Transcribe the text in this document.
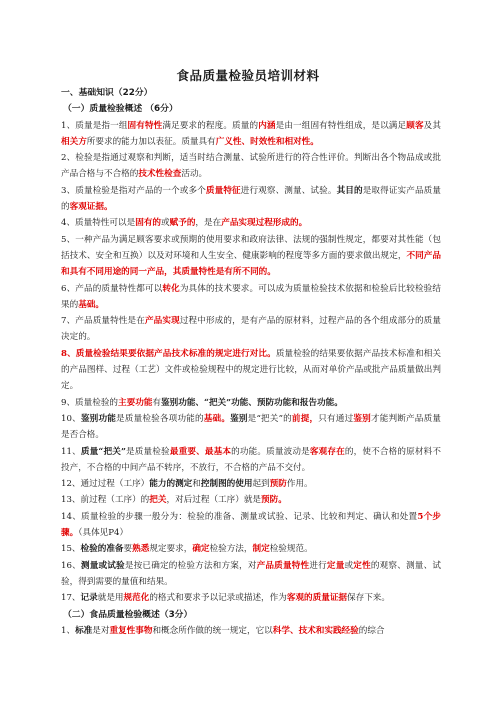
食品质量检验员培训材料
一、基础知识（22分）
（一）质量检验概述 （6分）
1、质量是指一组固有特性满足要求的程度。质量的内涵是由一组固有特性组成，是以满足顾客及其相关方所要求的能力加以表征。质量具有广义性、时效性和相对性。
2、检验是指通过观察和判断，适当时结合测量、试验所进行的符合性评价。判断出各个物品成或批产品合格与不合格的技术性检查活动。
3、质量检验是指对产品的一个或多个质量特征进行观察、测量、试验。其目的是取得证实产品质量的客观证据。
4、质量特性可以是固有的或赋予的，是在产品实现过程形成的。
5、一种产品为满足顾客要求或预期的使用要求和政府法律、法规的强制性规定，都要对其性能（包括技术、安全和互换）以及对环境和人生安全、健康影响的程度等多方面的要求做出规定，不同产品和具有不同用途的同一产品，其质量特性是有所不同的。
6、产品的质量特性都可以转化为具体的技术要求。可以成为质量检验技术依据和检验后比较检验结果的基础。
7、产品质量特性是在产品实现过程中形成的，是有产品的原材料，过程产品的各个组成部分的质量决定的。
8、质量检验结果要依据产品技术标准的规定进行对比。质量检验的结果要依据产品技术标准和相关的产品图样、过程（工艺）文件或检验规程中的规定进行比较，从而对单价产品或批产品质量做出判定。
9、质量检验的主要功能有鉴别功能、“把关”功能、预防功能和报告功能。
10、鉴别功能是质量检验各项功能的基础。鉴别是“把关”的前提，只有通过鉴别才能判断产品质量是否合格。
11、质量“把关”是质量检验最重要、最基本的功能。质量波动是客观存在的，使不合格的原材料不投产，不合格的中间产品不转序，不放行，不合格的产品不交付。
12、通过过程（工序）能力的测定和控制图的使用起到预防作用。
13、前过程（工序）的把关，对后过程（工序）就是预防。
14、质量检验的步骤一般分为：检验的准备、测量或试验、记录、比较和判定、确认和处置5个步骤。（具体见P4）
15、检验的准备要熟悉规定要求，确定检验方法，制定检验规范。
16、测量或试验是按已确定的检验方法和方案，对产品质量特性进行定量或定性的观察、测量、试验，得到需要的量值和结果。
17、记录就是用规范化的格式和要求予以记录或描述，作为客观的质量证据保存下来。
（二）食品质量检验概述（3分）
1、标准是对重复性事物和概念所作做的统一规定，它以科学、技术和实践经验的综合
